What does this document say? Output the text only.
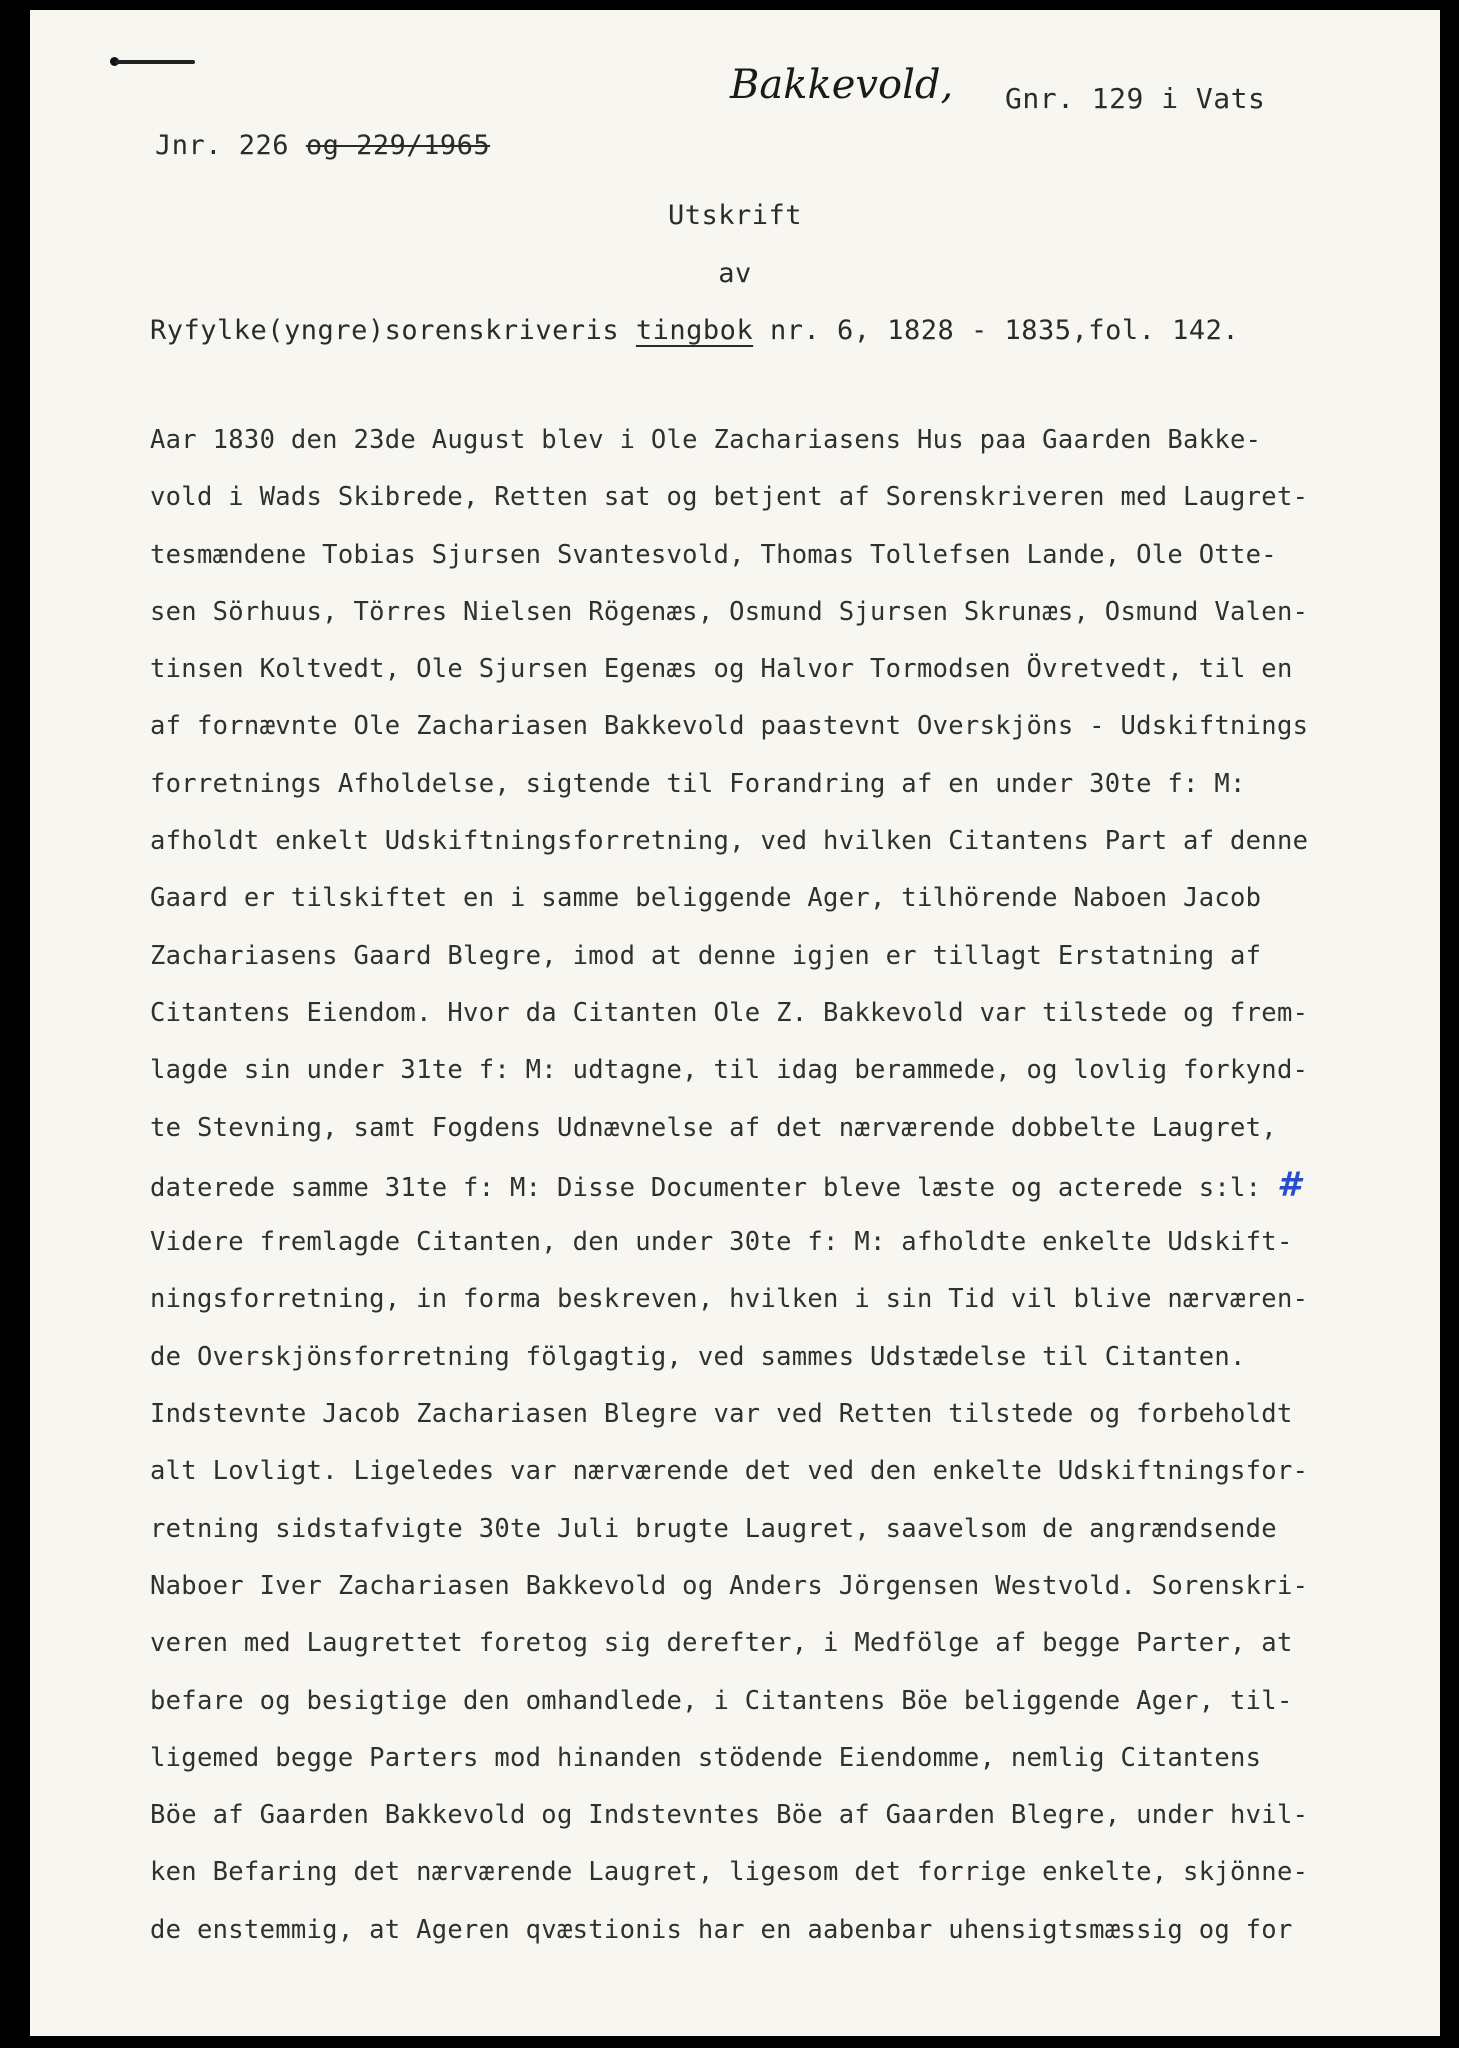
Bakkevold, Gnr. 129 i Vats
Jnr. 226 og 229/1965
Utskrift
av
Ryfylke(yngre)sorenskriveris tingbok nr. 6, 1828 - 1835,fol. 142.
Aar 1830 den 23de August blev i Ole Zachariasens Hus paa Gaarden Bakke-
vold i Wads Skibrede, Retten sat og betjent af Sorenskriveren med Laugret-
tesmændene Tobias Sjursen Svantesvold, Thomas Tollefsen Lande, Ole Otte-
sen Sörhuus, Törres Nielsen Rögenæs, Osmund Sjursen Skrunæs, Osmund Valen-
tinsen Koltvedt, Ole Sjursen Egenæs og Halvor Tormodsen Övretvedt, til en
af fornævnte Ole Zachariasen Bakkevold paastevnt Overskjöns - Udskiftnings
forretnings Afholdelse, sigtende til Forandring af en under 30te f: M:
afholdt enkelt Udskiftningsforretning, ved hvilken Citantens Part af denne
Gaard er tilskiftet en i samme beliggende Ager, tilhörende Naboen Jacob
Zachariasens Gaard Blegre, imod at denne igjen er tillagt Erstatning af
Citantens Eiendom. Hvor da Citanten Ole Z. Bakkevold var tilstede og frem-
lagde sin under 31te f: M: udtagne, til idag berammede, og lovlig forkynd-
te Stevning, samt Fogdens Udnævnelse af det nærværende dobbelte Laugret,
daterede samme 31te f: M: Disse Documenter bleve læste og acterede s:l: #
Videre fremlagde Citanten, den under 30te f: M: afholdte enkelte Udskift-
ningsforretning, in forma beskreven, hvilken i sin Tid vil blive nærværen-
de Overskjönsforretning fölgagtig, ved sammes Udstædelse til Citanten.
Indstevnte Jacob Zachariasen Blegre var ved Retten tilstede og forbeholdt
alt Lovligt. Ligeledes var nærværende det ved den enkelte Udskiftningsfor-
retning sidstafvigte 30te Juli brugte Laugret, saavelsom de angrændsende
Naboer Iver Zachariasen Bakkevold og Anders Jörgensen Westvold. Sorenskri-
veren med Laugrettet foretog sig derefter, i Medfölge af begge Parter, at
befare og besigtige den omhandlede, i Citantens Böe beliggende Ager, til-
ligemed begge Parters mod hinanden stödende Eiendomme, nemlig Citantens
Böe af Gaarden Bakkevold og Indstevntes Böe af Gaarden Blegre, under hvil-
ken Befaring det nærværende Laugret, ligesom det forrige enkelte, skjönne-
de enstemmig, at Ageren qvæstionis har en aabenbar uhensigtsmæssig og for
